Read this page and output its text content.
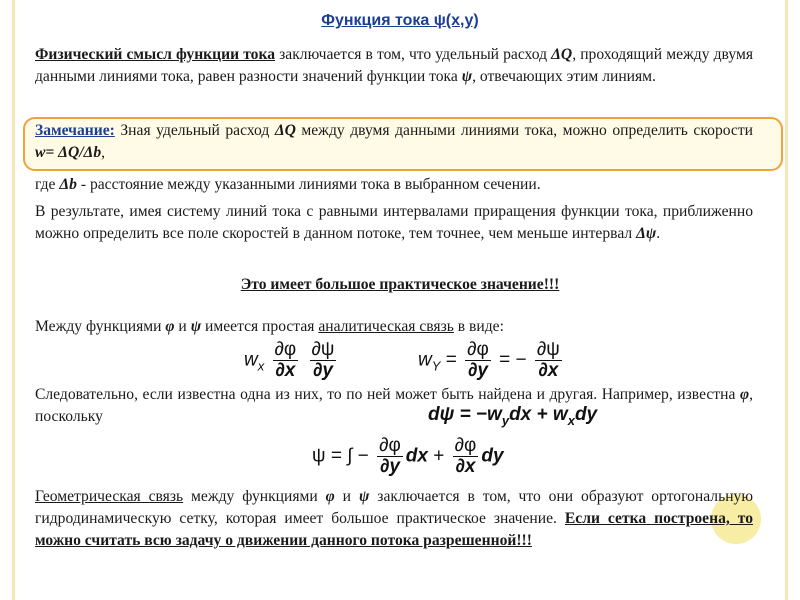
Функция тока ψ(x,y)
Физический смысл функции тока заключается в том, что удельный расход ΔQ, проходящий между двумя данными линиями тока, равен разности значений функции тока ψ, отвечающих этим линиям.
Замечание: Зная удельный расход ΔQ между двумя данными линиями тока, можно определить скорости w= ΔQ/Δb,
где Δb - расстояние между указанными линиями тока в выбранном сечении.
В результате, имея систему линий тока с равными интервалами приращения функции тока, приближенно можно определить все поле скоростей в данном потоке, тем точнее, чем меньше интервал Δψ.
Это имеет большое практическое значение!!!
Между функциями φ и ψ имеется простая аналитическая связь в виде:
$w_x \frac{\partial\varphi}{\partial x}$
$\frac{\partial\psi}{\partial y}$	$w_Y = \frac{\partial\varphi}{\partial y}$ = − $\frac{\partial\psi}{\partial x}$
Следовательно, если известна одна из них, то по ней может быть найдена и другая. Например, известна φ, поскольку	$d\psi = -w_ydx + w_xdy$
ψ = ∫ − $\frac{\partial\varphi}{\partial y}$ dx + $\frac{\partial\varphi}{\partial x}$ dy
Геометрическая связь между функциями φ и ψ заключается в том, что они образуют ортогональную гидродинамическую сетку, которая имеет большое практическое значение. Если сетка построена, то можно считать всю задачу о движении данного потока разрешенной!!!
